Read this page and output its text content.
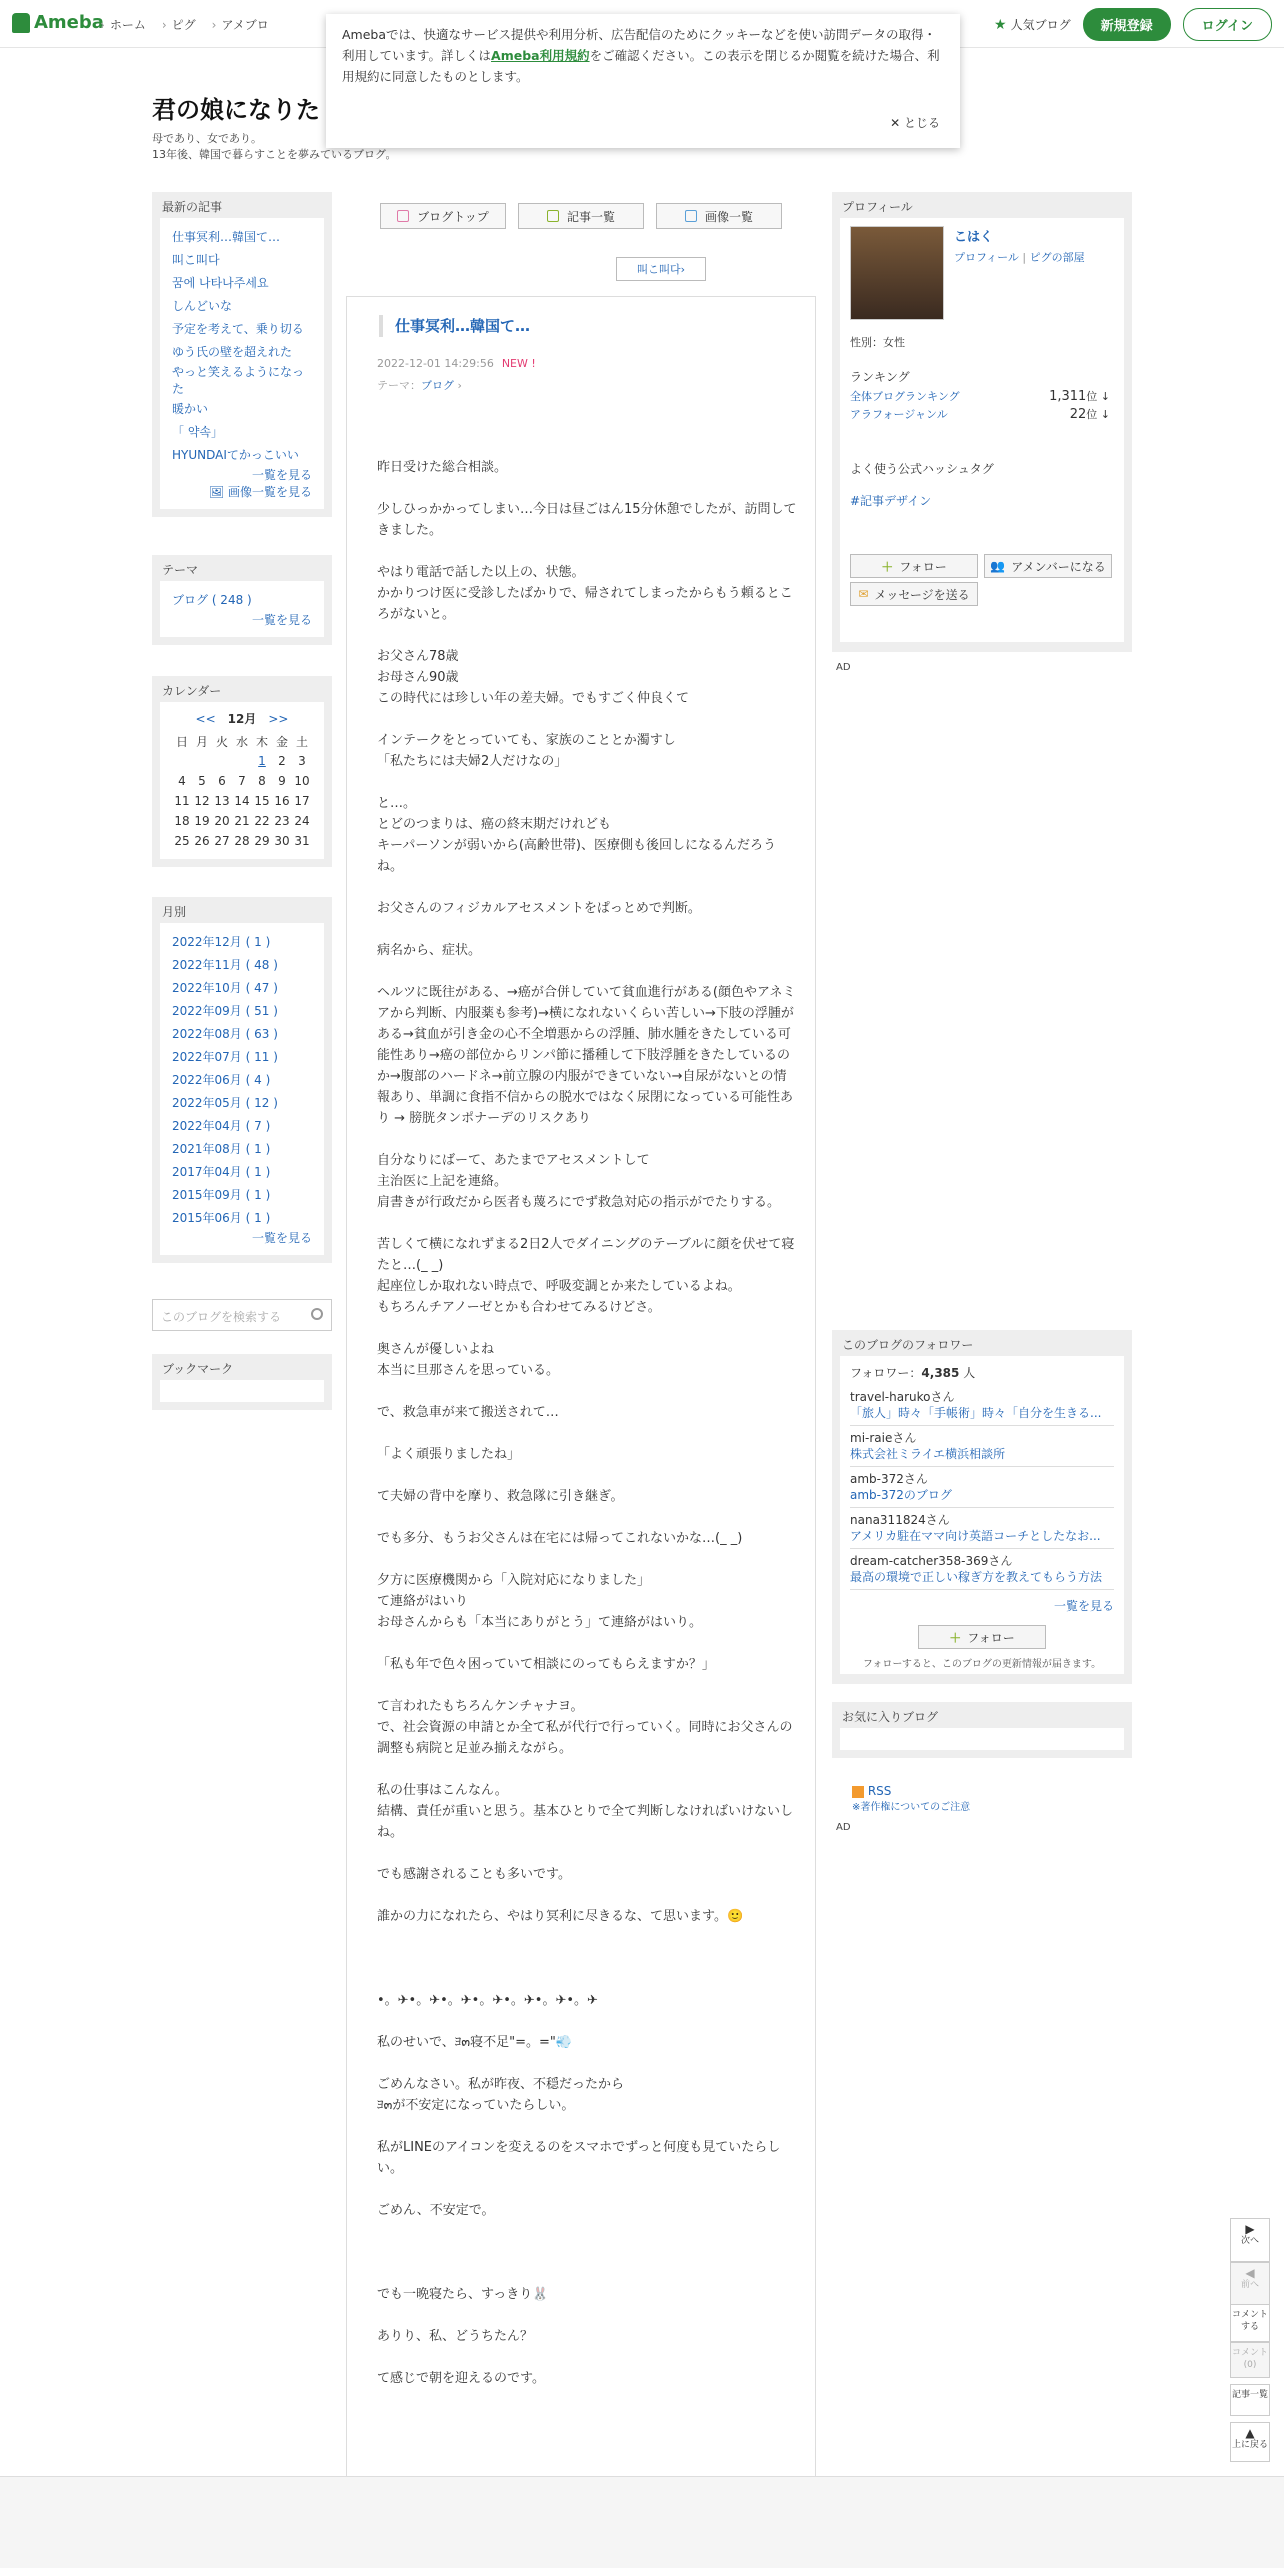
Ameba › ホーム	› ピグ	› アメブロ	★ 人気ブログ	新規登録	ログイン
Amebaでは、快適なサービス提供や利用分析、広告配信のためにクッキーなどを使い訪問データの取得・利用しています。詳しくはAmeba利用規約をご確認ください。この表示を閉じるか閲覧を続けた場合、利用規約に同意したものとします。
✕ とじる
君の娘になりた
母であり、女であり。
13年後、韓国で暮らすことを夢みているブログ。
最新の記事
仕事冥利…韓国て…
叫こ叫다
꿈에 나타나주세요
しんどいな
予定を考えて、乗り切る
ゆう氏の壁を超えれた
やっと笑えるようになった
暖かい
「 약속」
HYUNDAIてかっこいい
一覧を見る
🖼 画像一覧を見る
テーマ
ブログ ( 248 )
一覧を見る
カレンダー
<< 12月 >>
日	月	火	水	木	金	土
				1	2	3
4	5	6	7	8	9	10
11	12	13	14	15	16	17
18	19	20	21	22	23	24
25	26	27	28	29	30	31
月別
2022年12月 ( 1 )
2022年11月 ( 48 )
2022年10月 ( 47 )
2022年09月 ( 51 )
2022年08月 ( 63 )
2022年07月 ( 11 )
2022年06月 ( 4 )
2022年05月 ( 12 )
2022年04月 ( 7 )
2021年08月 ( 1 )
2017年04月 ( 1 )
2015年09月 ( 1 )
2015年06月 ( 1 )
一覧を見る
このブログを検索する
ブックマーク
ブログトップ	記事一覧	画像一覧
叫こ叫다 ›
仕事冥利…韓国て…
2022-12-01 14:29:56 NEW !
テーマ：ブログ ›

昨日受けた総合相談。

少しひっかかってしまい…今日は昼ごはん15分休憩でしたが、訪問してきました。

やはり電話で話した以上の、状態。
かかりつけ医に受診したばかりで、帰されてしまったからもう頼るところがないと。

お父さん78歳
お母さん90歳
この時代には珍しい年の差夫婦。でもすごく仲良くて

インテークをとっていても、家族のこととか濁すし
「私たちには夫婦2人だけなの」

と…。
とどのつまりは、癌の終末期だけれども
キーパーソンが弱いから(高齢世帯)、医療側も後回しになるんだろうね。

お父さんのフィジカルアセスメントをぱっとめで判断。

病名から、症状。

ヘルツに既往がある、→癌が合併していて貧血進行がある(顔色やアネミアから判断、内服薬も参考)→横になれないくらい苦しい→下肢の浮腫がある→貧血が引き金の心不全増悪からの浮腫、肺水腫をきたしている可能性あり→癌の部位からリンパ節に播種して下肢浮腫をきたしているのか→腹部のハードネ→前立腺の内服ができていない→自尿がないとの情報あり、単調に食指不信からの脱水ではなく尿閉になっている可能性あり → 膀胱タンポナーデのリスクあり

自分なりにばーて、あたまでアセスメントして
主治医に上記を連絡。
肩書きが行政だから医者も蔑ろにでず救急対応の指示がでたりする。

苦しくて横になれずまる2日2人でダイニングのテーブルに顔を伏せて寝たと…(_ _)
起座位しか取れない時点で、呼吸変調とか来たしているよね。
もちろんチアノーゼとかも合わせてみるけどさ。

奥さんが優しいよね
本当に旦那さんを思っている。

で、救急車が来て搬送されて…

「よく頑張りましたね」

て夫婦の背中を摩り、救急隊に引き継ぎ。

でも多分、もうお父さんは在宅には帰ってこれないかな…(_ _)

夕方に医療機関から「入院対応になりました」
て連絡がはいり
お母さんからも「本当にありがとう」て連絡がはいり。

「私も年で色々困っていて相談にのってもらえますか？」

て言われたもちろんケンチャナヨ。
で、社会資源の申請とか全て私が代行で行っていく。同時にお父さんの調整も病院と足並み揃えながら。

私の仕事はこんなん。
結構、責任が重いと思う。基本ひとりで全て判断しなければいけないしね。

でも感謝されることも多いです。

誰かの力になれたら、やはり冥利に尽きるな、て思います。🙂

•。✈•。✈•。✈•。✈•。✈•。✈•。✈

私のせいで、ﾖ๓寝不足"=。="💨

ごめんなさい。私が昨夜、不穏だったから
ﾖ๓が不安定になっていたらしい。

私がLINEのアイコンを変えるのをスマホでずっと何度も見ていたらしい。

ごめん、不安定で。

でも一晩寝たら、すっきり🐰

ありり、私、どうちたん？

て感じで朝を迎えるのです。

プロフィール
こはく
プロフィール | ピグの部屋
性別：女性
ランキング
全体ブログランキング	1,311位 ↓
アラフォージャンル	22位 ↓
よく使う公式ハッシュタグ
#記事デザイン
＋ フォロー	👥 アメンバーになる
✉ メッセージを送る
AD
このブログのフォロワー
フォロワー：4,385 人
travel-harukoさん
「旅人」時々「手帳術」時々「自分を生きる...
mi-raieさん
株式会社ミライエ横浜相談所
amb-372さん
amb-372のブログ
nana311824さん
アメリカ駐在ママ向け英語コーチとしたなお...
dream-catcher358-369さん
最高の環境で正しい稼ぎ方を教えてもらう方法
一覧を見る
＋ フォロー
フォローすると、このブログの更新情報が届きます。
お気に入りブログ
RSS
※著作権についてのご注意
AD
▶
次へ
◀
前へ
コメントする
コメント(0)
記事一覧
▲
上に戻る
